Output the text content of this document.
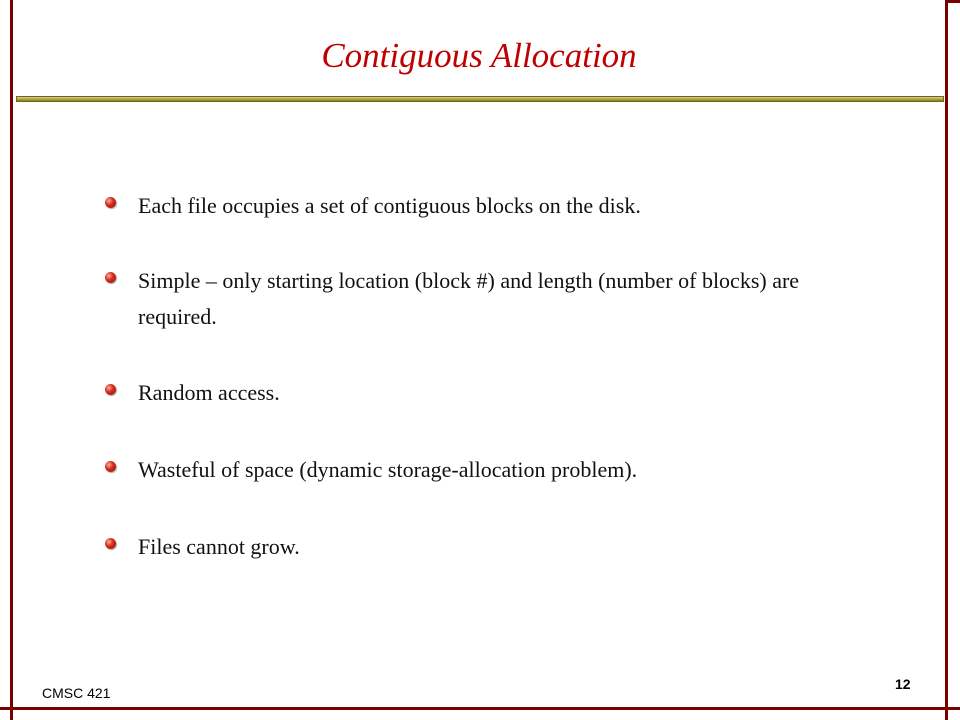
Contiguous Allocation
Each file occupies a set of contiguous blocks on the disk.
Simple – only starting location (block #) and length (number of blocks) are required.
Random access.
Wasteful of space (dynamic storage-allocation problem).
Files cannot grow.
CMSC 421
12
